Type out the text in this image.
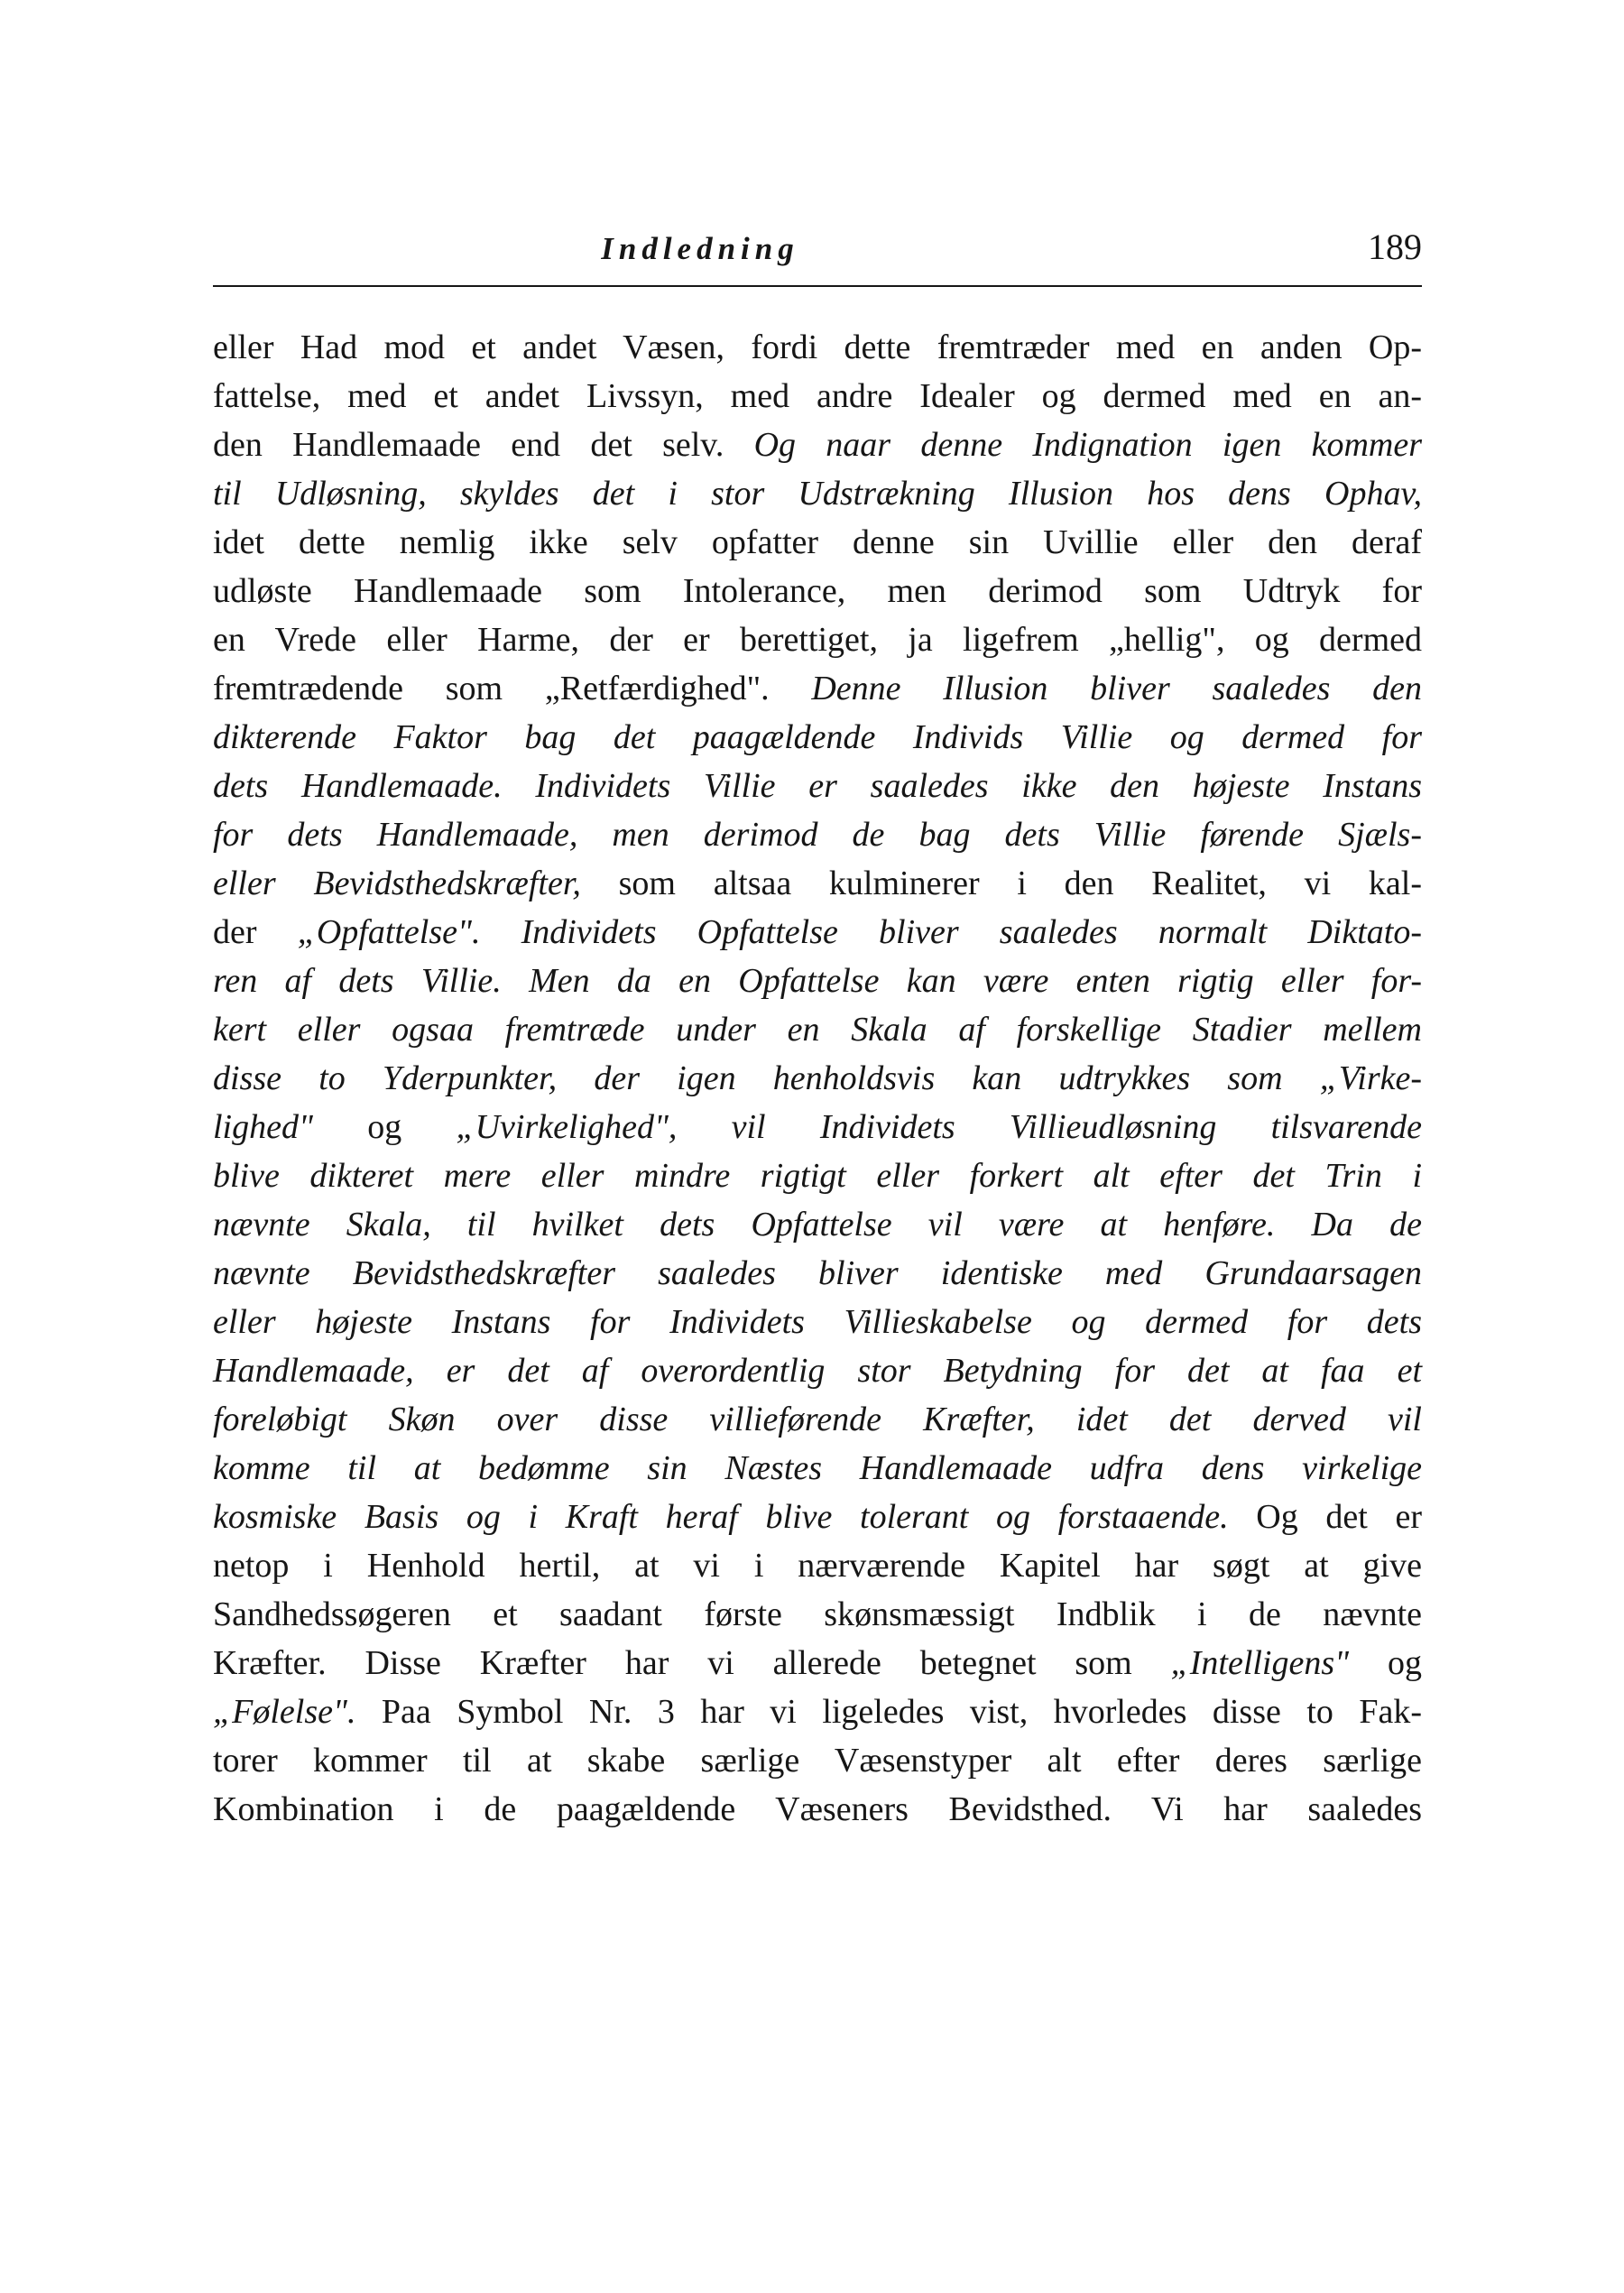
Indledning	189
eller Had mod et andet Væsen, fordi dette fremtræder med en anden Op-
fattelse, med et andet Livssyn, med andre Idealer og dermed med en an-
den Handlemaade end det selv. Og naar denne Indignation igen kommer
til Udløsning, skyldes det i stor Udstrækning Illusion hos dens Ophav,
idet dette nemlig ikke selv opfatter denne sin Uvillie eller den deraf
udløste Handlemaade som Intolerance, men derimod som Udtryk for
en Vrede eller Harme, der er berettiget, ja ligefrem „hellig", og dermed
fremtrædende som „Retfærdighed". Denne Illusion bliver saaledes den
dikterende Faktor bag det paagældende Individs Villie og dermed for
dets Handlemaade. Individets Villie er saaledes ikke den højeste Instans
for dets Handlemaade, men derimod de bag dets Villie førende Sjæls-
eller Bevidsthedskræfter, som altsaa kulminerer i den Realitet, vi kal-
der „Opfattelse". Individets Opfattelse bliver saaledes normalt Diktato-
ren af dets Villie. Men da en Opfattelse kan være enten rigtig eller for-
kert eller ogsaa fremtræde under en Skala af forskellige Stadier mellem
disse to Yderpunkter, der igen henholdsvis kan udtrykkes som „Virke-
lighed" og „Uvirkelighed", vil Individets Villieudløsning tilsvarende
blive dikteret mere eller mindre rigtigt eller forkert alt efter det Trin i
nævnte Skala, til hvilket dets Opfattelse vil være at henføre. Da de
nævnte Bevidsthedskræfter saaledes bliver identiske med Grundaarsagen
eller højeste Instans for Individets Villieskabelse og dermed for dets
Handlemaade, er det af overordentlig stor Betydning for det at faa et
foreløbigt Skøn over disse villieførende Kræfter, idet det derved vil
komme til at bedømme sin Næstes Handlemaade udfra dens virkelige
kosmiske Basis og i Kraft heraf blive tolerant og forstaaende. Og det er
netop i Henhold hertil, at vi i nærværende Kapitel har søgt at give
Sandhedssøgeren et saadant første skønsmæssigt Indblik i de nævnte
Kræfter. Disse Kræfter har vi allerede betegnet som „Intelligens" og
„Følelse". Paa Symbol Nr. 3 har vi ligeledes vist, hvorledes disse to Fak-
torer kommer til at skabe særlige Væsenstyper alt efter deres særlige
Kombination i de paagældende Væseners Bevidsthed. Vi har saaledes
